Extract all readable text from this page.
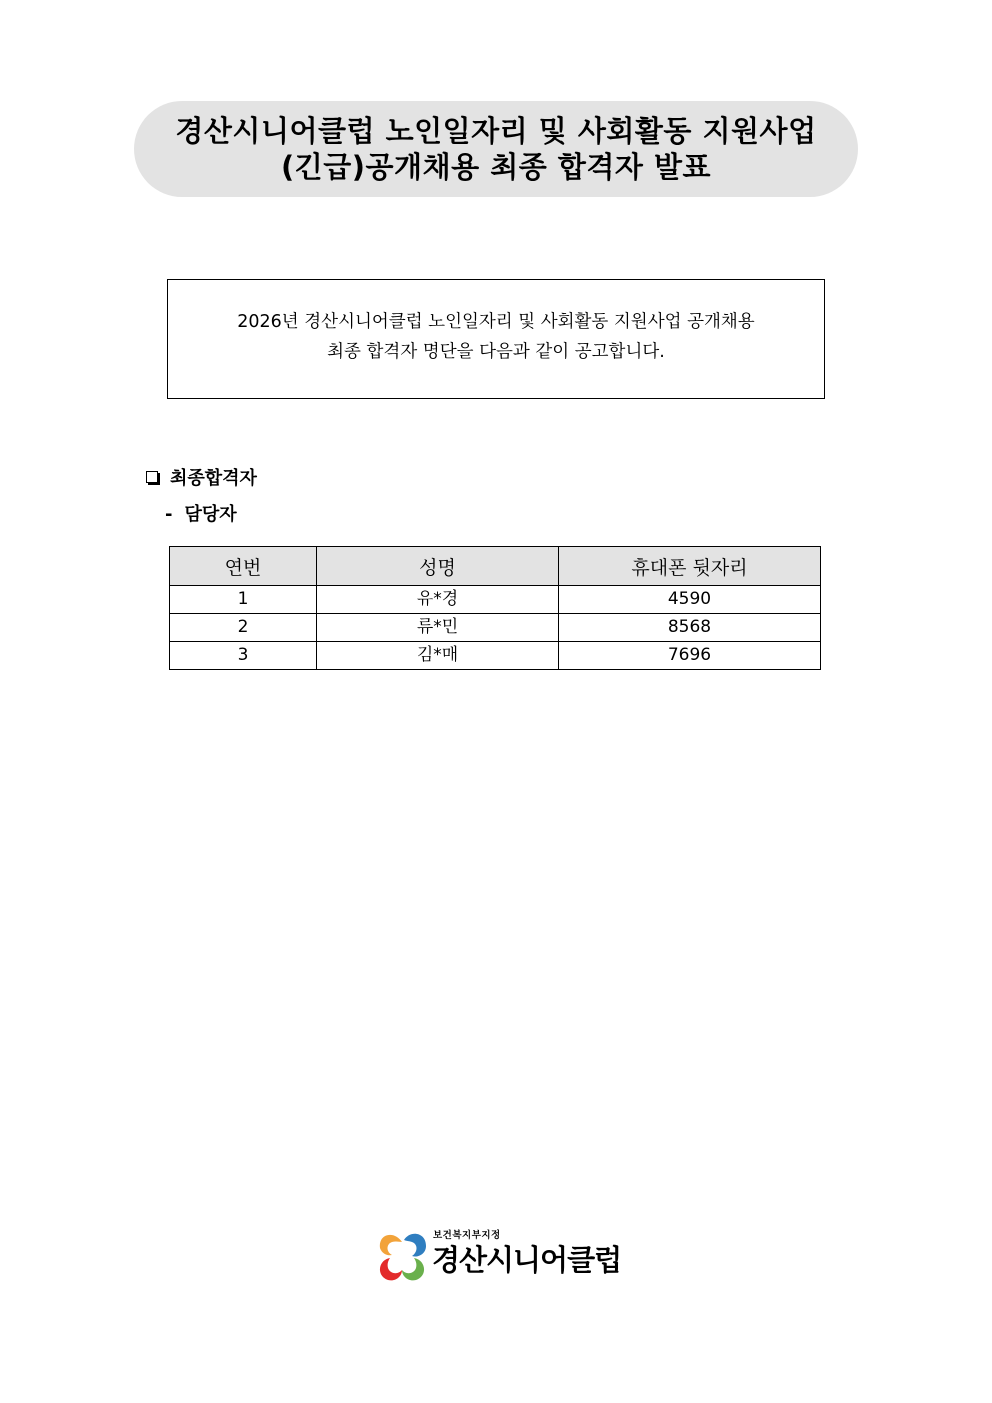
경산시니어클럽 노인일자리 및 사회활동 지원사업
(긴급)공개채용 최종 합격자 발표
2026년 경산시니어클럽 노인일자리 및 사회활동 지원사업 공개채용
최종 합격자 명단을 다음과 같이 공고합니다.
최종합격자
- 담당자
연번	성명	휴대폰 뒷자리
1	유*경	4590
2	류*민	8568
3	김*매	7696
보건복지부지정
경산시니어클럽
